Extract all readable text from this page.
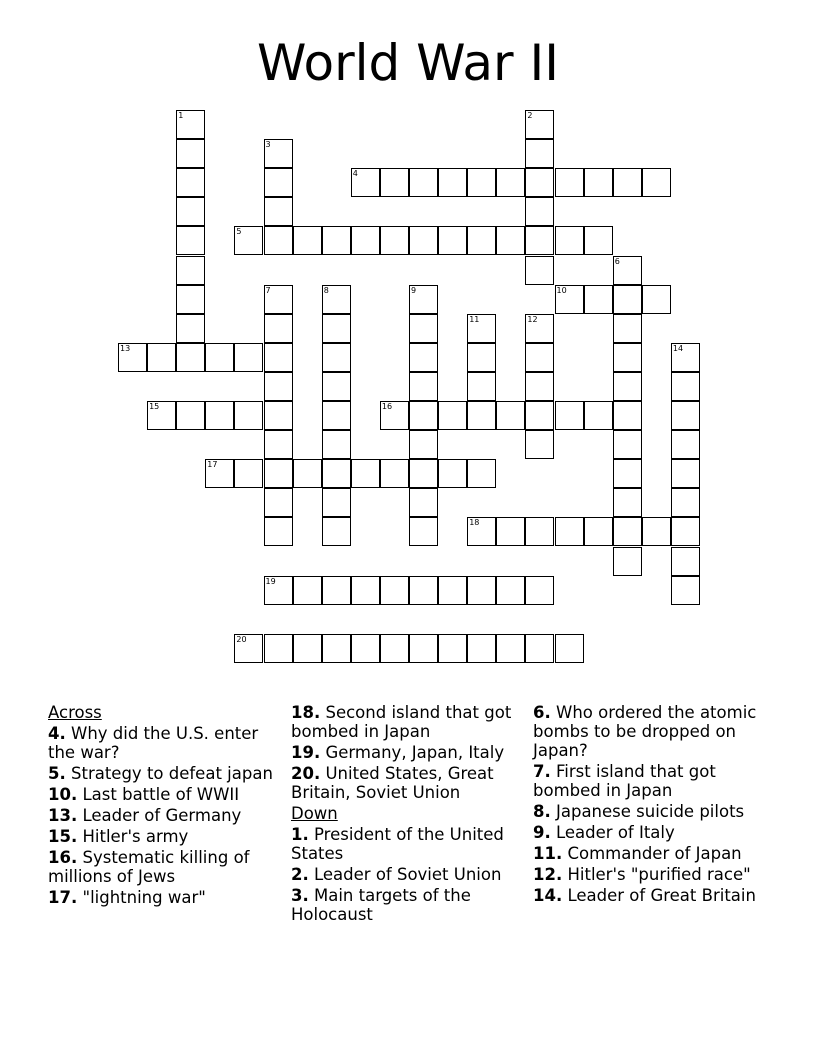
World War II
1	2
3
4
5
6
7	8	9	10
11	12
13	14
15	16
17
18
19
20
Across
4. Why did the U.S. enter the war?
5. Strategy to defeat japan
10. Last battle of WWII
13. Leader of Germany
15. Hitler's army
16. Systematic killing of millions of Jews
17. "lightning war"
18. Second island that got bombed in Japan
19. Germany, Japan, Italy
20. United States, Great Britain, Soviet Union
Down
1. President of the United States
2. Leader of Soviet Union
3. Main targets of the Holocaust
6. Who ordered the atomic bombs to be dropped on Japan?
7. First island that got bombed in Japan
8. Japanese suicide pilots
9. Leader of Italy
11. Commander of Japan
12. Hitler's "purified race"
14. Leader of Great Britain
